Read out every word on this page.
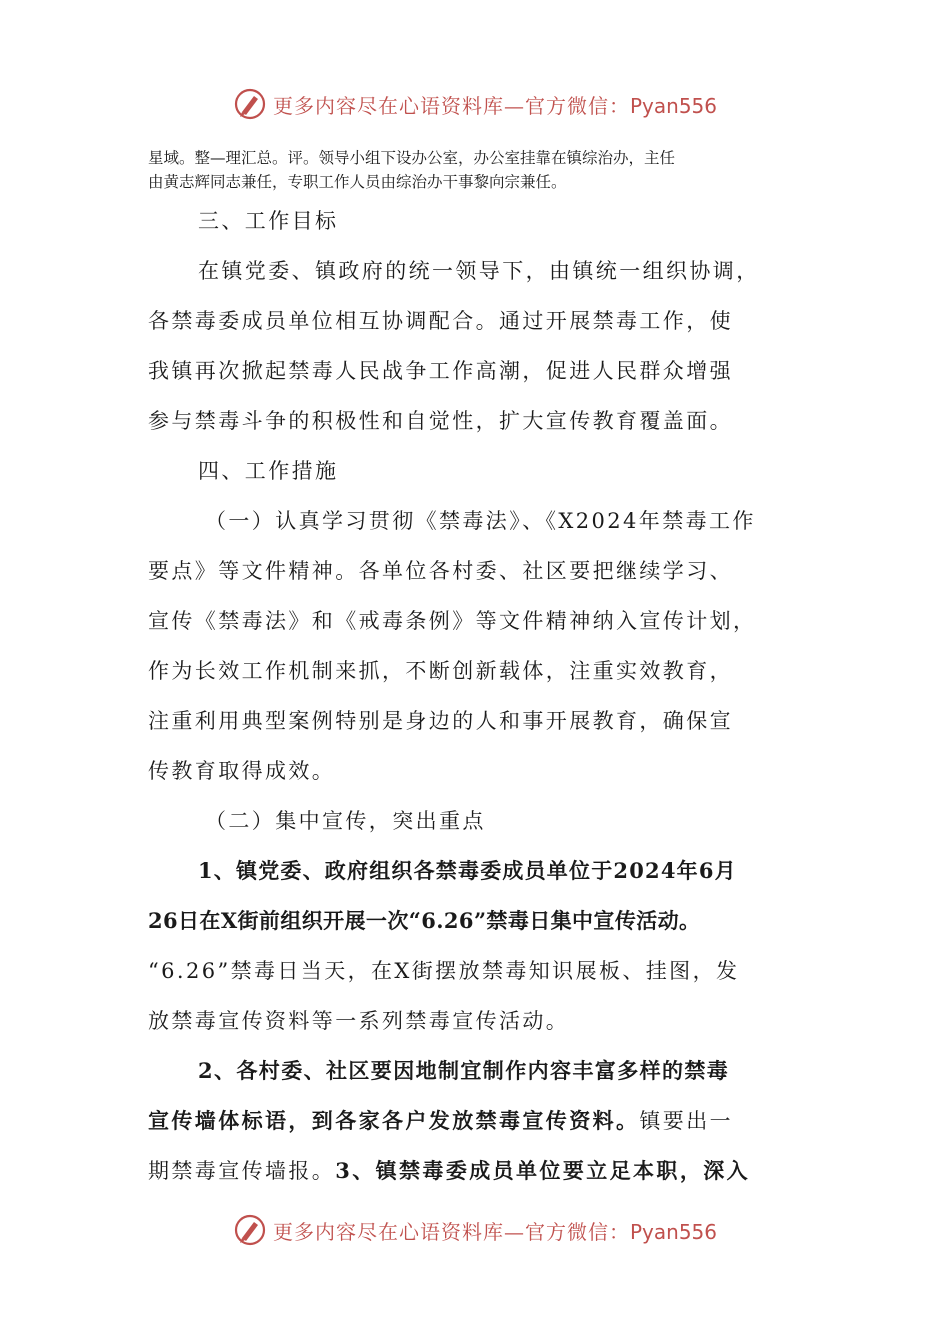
更多内容尽在心语资料库—官方微信：Pyan556
星域。整—理汇总。评。领导小组下设办公室，办公室挂靠在镇综治办，主任
由黄志辉同志兼任，专职工作人员由综治办干事黎向宗兼任。
三、工作目标
在镇党委、镇政府的统一领导下，由镇统一组织协调，
各禁毒委成员单位相互协调配合。通过开展禁毒工作，使
我镇再次掀起禁毒人民战争工作高潮，促进人民群众增强
参与禁毒斗争的积极性和自觉性，扩大宣传教育覆盖面。
四、工作措施
（一）认真学习贯彻《禁毒法》、《X2024年禁毒工作
要点》等文件精神。各单位各村委、社区要把继续学习、
宣传《禁毒法》和《戒毒条例》等文件精神纳入宣传计划，
作为长效工作机制来抓，不断创新载体，注重实效教育，
注重利用典型案例特别是身边的人和事开展教育，确保宣
传教育取得成效。
（二）集中宣传，突出重点
1、镇党委、政府组织各禁毒委成员单位于2024年6月
26日在X街前组织开展一次“6.26”禁毒日集中宣传活动。
“6.26”禁毒日当天，在X街摆放禁毒知识展板、挂图，发
放禁毒宣传资料等一系列禁毒宣传活动。
2、各村委、社区要因地制宜制作内容丰富多样的禁毒
宣传墙体标语，到各家各户发放禁毒宣传资料。镇要出一
期禁毒宣传墙报。3、镇禁毒委成员单位要立足本职，深入
更多内容尽在心语资料库—官方微信：Pyan556
